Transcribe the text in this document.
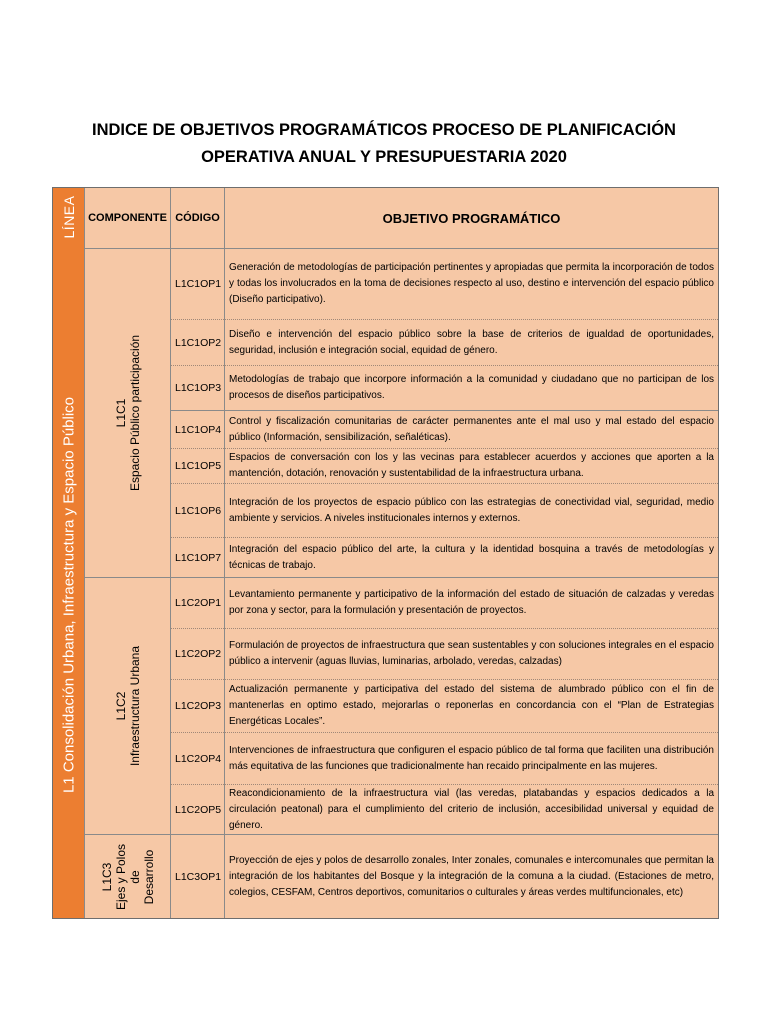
INDICE DE OBJETIVOS PROGRAMÁTICOS PROCESO DE PLANIFICACIÓN
OPERATIVA ANUAL Y PRESUPUESTARIA 2020
LÍNEA
L1 Consolidación Urbana, Infraestructura y Espacio Público
COMPONENTE CÓDIGO	OBJETIVO PROGRAMÁTICO
L1C1 Espacio Público participación
L1C2 Infraestructura Urbana
L1C3 Ejes y Polos de Desarrollo
L1C1OP1
L1C1OP2
L1C1OP3
L1C1OP4
L1C1OP5
L1C1OP6
L1C1OP7
L1C2OP1
L1C2OP2
L1C2OP3
L1C2OP4
L1C2OP5
L1C3OP1
Generación de metodologías de participación pertinentes y apropiadas que permita la incorporación de todos y todas los involucrados en la toma de decisiones respecto al uso, destino e intervención del espacio público (Diseño participativo).
Diseño e intervención del espacio público sobre la base de criterios de igualdad de oportunidades, seguridad, inclusión e integración social, equidad de género.
Metodologías de trabajo que incorpore información a la comunidad y ciudadano que no participan de los procesos de diseños participativos.
Control y fiscalización comunitarias de carácter permanentes ante el mal uso y mal estado del espacio público (Información, sensibilización, señaléticas).
Espacios de conversación con los y las vecinas para establecer acuerdos y acciones que aporten a la mantención, dotación, renovación y sustentabilidad de la infraestructura urbana.
Integración de los proyectos de espacio público con las estrategias de conectividad vial, seguridad, medio ambiente y servicios. A niveles institucionales internos y externos.
Integración del espacio público del arte, la cultura y la identidad bosquina a través de metodologías y técnicas de trabajo.
Levantamiento permanente y participativo de la información del estado de situación de calzadas y veredas por zona y sector, para la formulación y presentación de proyectos.
Formulación de proyectos de infraestructura que sean sustentables y con soluciones integrales en el espacio público a intervenir (aguas lluvias, luminarias, arbolado, veredas, calzadas)
Actualización permanente y participativa del estado del sistema de alumbrado público con el fin de mantenerlas en optimo estado, mejorarlas o reponerlas en concordancia con el “Plan de Estrategias Energéticas Locales”.
Intervenciones de infraestructura que configuren el espacio público de tal forma que faciliten una distribución más equitativa de las funciones que tradicionalmente han recaido principalmente en las mujeres.
Reacondicionamiento de la infraestructura vial (las veredas, platabandas y espacios dedicados a la circulación peatonal) para el cumplimiento del criterio de inclusión, accesibilidad universal y equidad de género.
Proyección de ejes y polos de desarrollo zonales, Inter zonales, comunales e intercomunales que permitan la integración de los habitantes del Bosque y la integración de la comuna a la ciudad. (Estaciones de metro, colegios, CESFAM, Centros deportivos, comunitarios o culturales y áreas verdes multifuncionales, etc)
